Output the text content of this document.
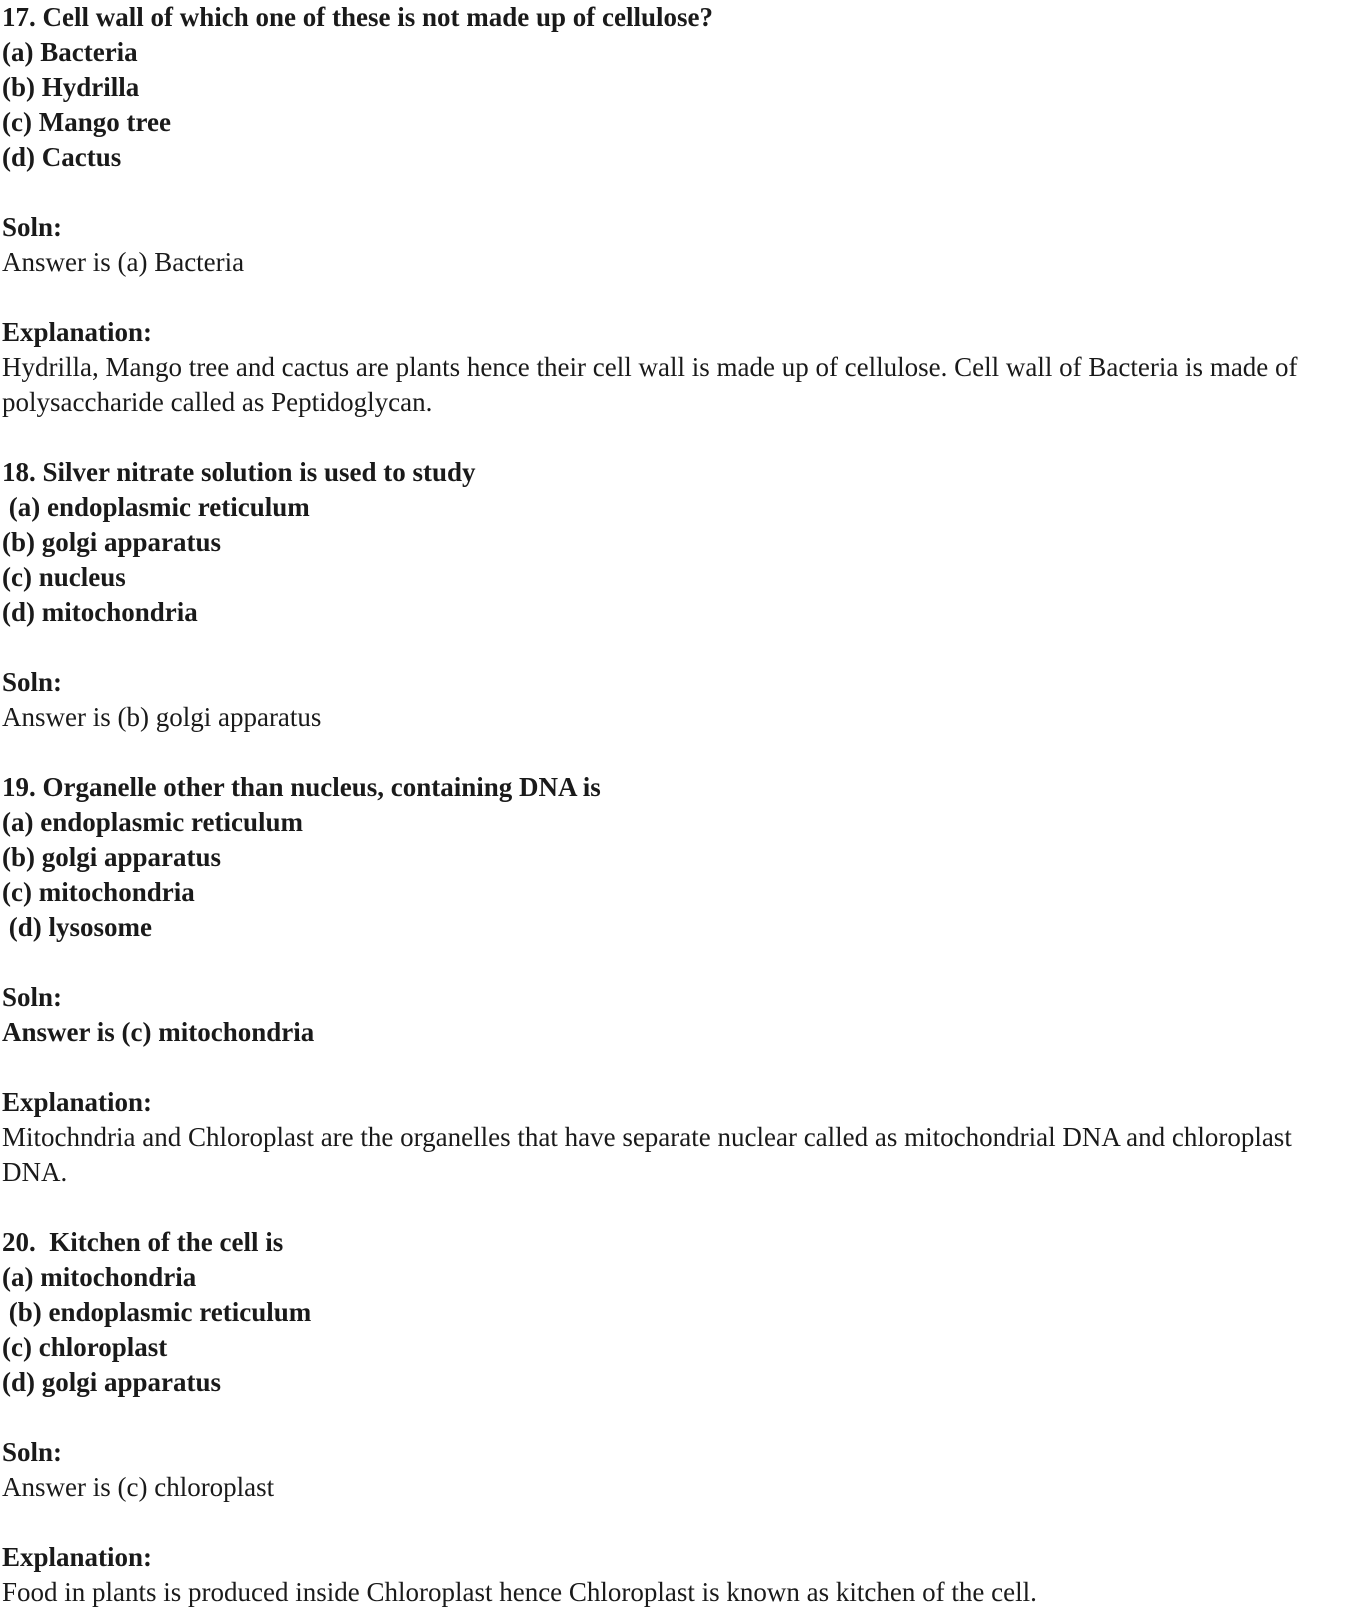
17. Cell wall of which one of these is not made up of cellulose?
(a) Bacteria
(b) Hydrilla
(c) Mango tree
(d) Cactus
Soln:
Answer is (a) Bacteria
Explanation:
Hydrilla, Mango tree and cactus are plants hence their cell wall is made up of cellulose. Cell wall of Bacteria is made of polysaccharide called as Peptidoglycan.
18. Silver nitrate solution is used to study
(a) endoplasmic reticulum
(b) golgi apparatus
(c) nucleus
(d) mitochondria
Soln:
Answer is (b) golgi apparatus
19. Organelle other than nucleus, containing DNA is
(a) endoplasmic reticulum
(b) golgi apparatus
(c) mitochondria
(d) lysosome
Soln:
Answer is (c) mitochondria
Explanation:
Mitochndria and Chloroplast are the organelles that have separate nuclear called as mitochondrial DNA and chloroplast DNA.
20.  Kitchen of the cell is
(a) mitochondria
(b) endoplasmic reticulum
(c) chloroplast
(d) golgi apparatus
Soln:
Answer is (c) chloroplast
Explanation:
Food in plants is produced inside Chloroplast hence Chloroplast is known as kitchen of the cell.
